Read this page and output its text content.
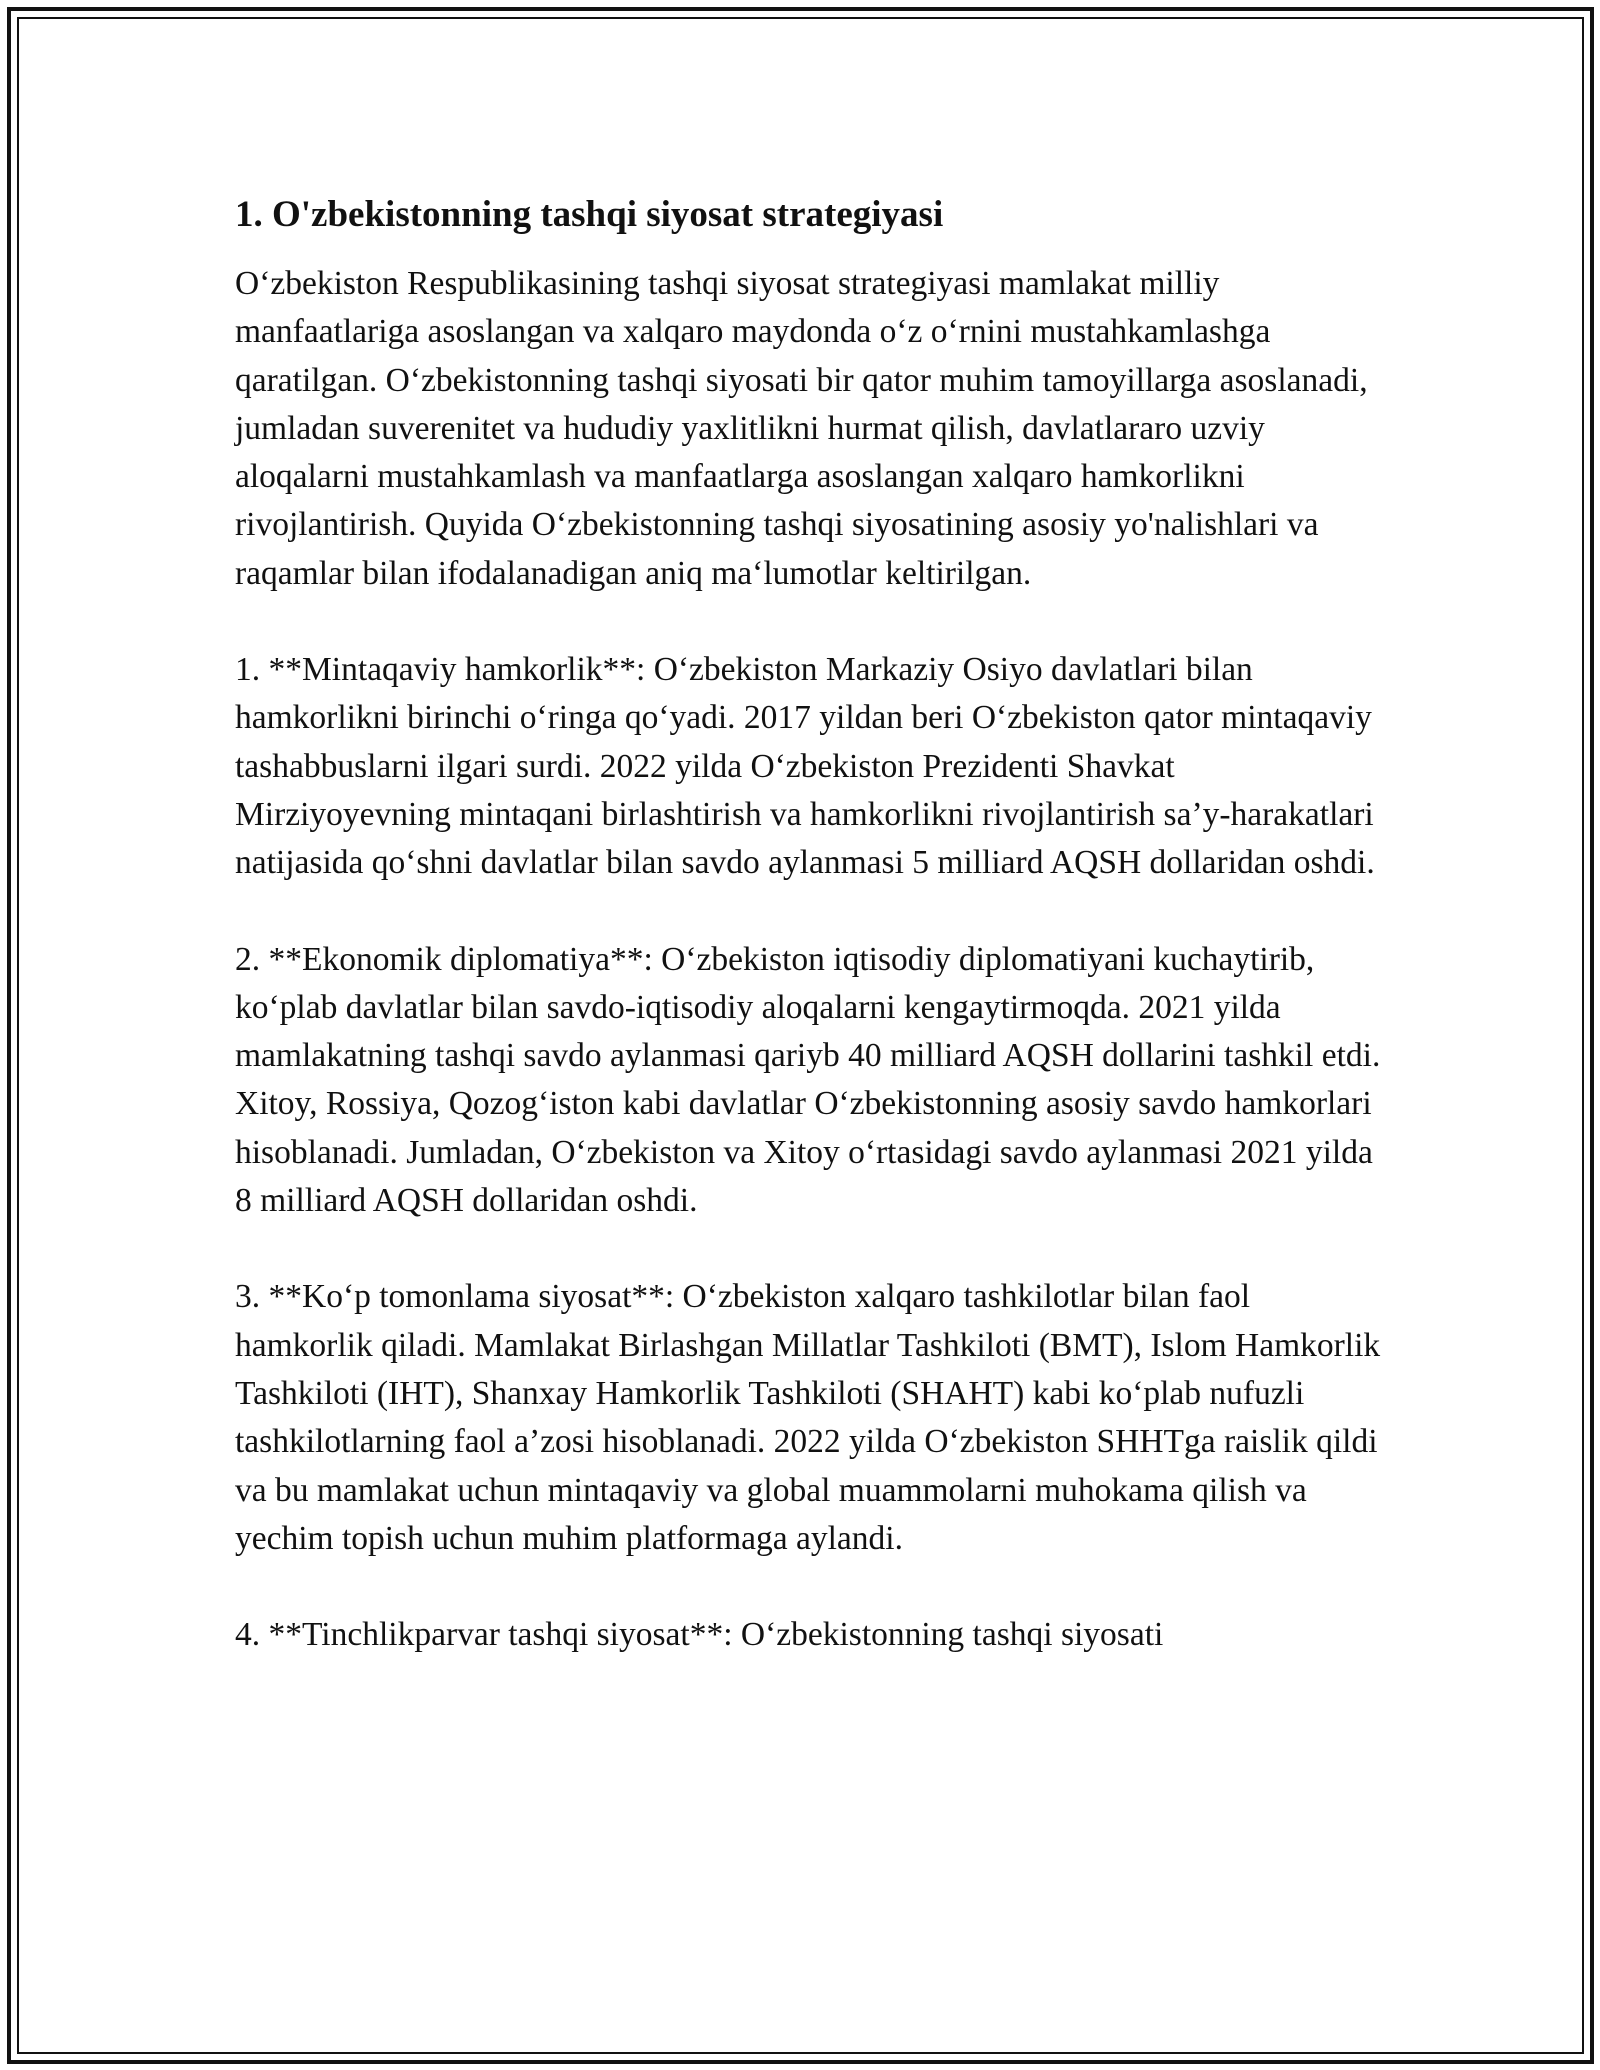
1. O'zbekistonning tashqi siyosat strategiyasi

O‘zbekiston Respublikasining tashqi siyosat strategiyasi mamlakat milliy manfaatlariga asoslangan va xalqaro maydonda o‘z o‘rnini mustahkamlashga qaratilgan. O‘zbekistonning tashqi siyosati bir qator muhim tamoyillarga asoslanadi, jumladan suverenitet va hududiy yaxlitlikni hurmat qilish, davlatlararo uzviy aloqalarni mustahkamlash va manfaatlarga asoslangan xalqaro hamkorlikni rivojlantirish. Quyida O‘zbekistonning tashqi siyosatining asosiy yo'nalishlari va raqamlar bilan ifodalanadigan aniq ma‘lumotlar keltirilgan.

1. **Mintaqaviy hamkorlik**: O‘zbekiston Markaziy Osiyo davlatlari bilan hamkorlikni birinchi o‘ringa qo‘yadi. 2017 yildan beri O‘zbekiston qator mintaqaviy tashabbuslarni ilgari surdi. 2022 yilda O‘zbekiston Prezidenti Shavkat Mirziyoyevning mintaqani birlashtirish va hamkorlikni rivojlantirish sa’y-harakatlari natijasida qo‘shni davlatlar bilan savdo aylanmasi 5 milliard AQSH dollaridan oshdi.

2. **Ekonomik diplomatiya**: O‘zbekiston iqtisodiy diplomatiyani kuchaytirib, ko‘plab davlatlar bilan savdo-iqtisodiy aloqalarni kengaytirmoqda. 2021 yilda mamlakatning tashqi savdo aylanmasi qariyb 40 milliard AQSH dollarini tashkil etdi. Xitoy, Rossiya, Qozog‘iston kabi davlatlar O‘zbekistonning asosiy savdo hamkorlari hisoblanadi. Jumladan, O‘zbekiston va Xitoy o‘rtasidagi savdo aylanmasi 2021 yilda 8 milliard AQSH dollaridan oshdi.

3. **Ko‘p tomonlama siyosat**: O‘zbekiston xalqaro tashkilotlar bilan faol hamkorlik qiladi. Mamlakat Birlashgan Millatlar Tashkiloti (BMT), Islom Hamkorlik Tashkiloti (IHT), Shanxay Hamkorlik Tashkiloti (SHAHT) kabi ko‘plab nufuzli tashkilotlarning faol a’zosi hisoblanadi. 2022 yilda O‘zbekiston SHHTga raislik qildi va bu mamlakat uchun mintaqaviy va global muammolarni muhokama qilish va yechim topish uchun muhim platformaga aylandi.

4. **Tinchlikparvar tashqi siyosat**: O‘zbekistonning tashqi siyosati
